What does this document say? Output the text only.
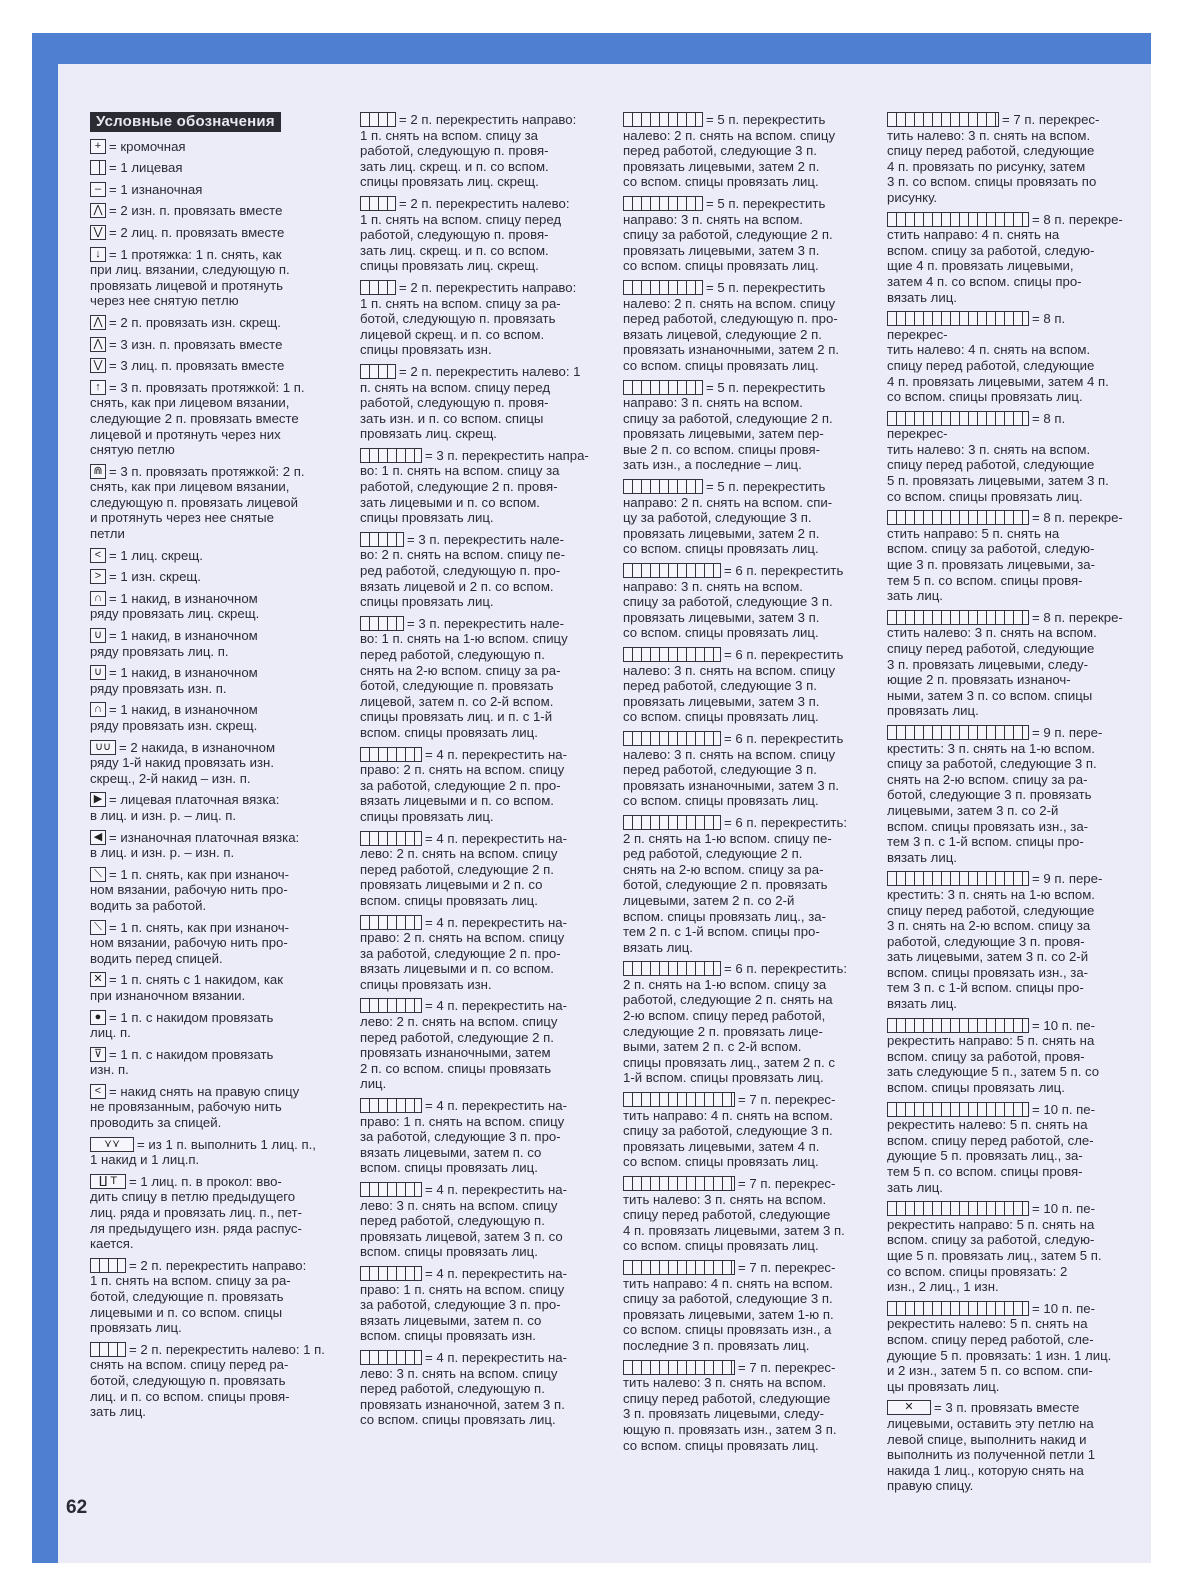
Условные обозначения
+ = кромочная
= 1 лицевая
– = 1 изнаночная
⋀ = 2 изн. п. провязать вместе
⋁ = 2 лиц. п. провязать вместе
↓ = 1 протяжка: 1 п. снять, как
при лиц. вязании, следующую п.
провязать лицевой и протянуть
через нее снятую петлю
⋀ = 2 п. провязать изн. скрещ.
⋀ = 3 изн. п. провязать вместе
⋁ = 3 лиц. п. провязать вместе
↑ = 3 п. провязать протяжкой: 1 п.
снять, как при лицевом вязании,
следующие 2 п. провязать вместе
лицевой и протянуть через них
снятую петлю
⋒ = 3 п. провязать протяжкой: 2 п.
снять, как при лицевом вязании,
следующую п. провязать лицевой
и протянуть через нее снятые
петли
< = 1 лиц. скрещ.
> = 1 изн. скрещ.
∩ = 1 накид, в изнаночном
ряду провязать лиц. скрещ.
∪ = 1 накид, в изнаночном
ряду провязать лиц. п.
∪ = 1 накид, в изнаночном
ряду провязать изн. п.
∩ = 1 накид, в изнаночном
ряду провязать изн. скрещ.
∪∪ = 2 накида, в изнаночном
ряду 1-й накид провязать изн.
скрещ., 2-й накид – изн. п.
▶ = лицевая платочная вязка:
в лиц. и изн. р. – лиц. п.
◀ = изнаночная платочная вязка:
в лиц. и изн. р. – изн. п.
⟍ = 1 п. снять, как при изнаноч-
ном вязании, рабочую нить про-
водить за работой.
⟍ = 1 п. снять, как при изнаноч-
ном вязании, рабочую нить про-
водить перед спицей.
✕ = 1 п. снять с 1 накидом, как
при изнаночном вязании.
● = 1 п. с накидом провязать
лиц. п.
⊽ = 1 п. с накидом провязать
изн. п.
< = накид снять на правую спицу
не провязанным, рабочую нить
проводить за спицей.
⋎⋎ = из 1 п. выполнить 1 лиц. п.,
1 накид и 1 лиц.п.
∐ Т = 1 лиц. п. в прокол: вво-
дить спицу в петлю предыдущего
лиц. ряда и провязать лиц. п., пет-
ля предыдущего изн. ряда распус-
кается.
= 2 п. перекрестить направо:
1 п. снять на вспом. спицу за ра-
ботой, следующие п. провязать
лицевыми и п. со вспом. спицы
провязать лиц.
= 2 п. перекрестить налево: 1 п.
снять на вспом. спицу перед ра-
ботой, следующую п. провязать
лиц. и п. со вспом. спицы провя-
зать лиц.
= 2 п. перекрестить направо:
1 п. снять на вспом. спицу за
работой, следующую п. провя-
зать лиц. скрещ. и п. со вспом.
спицы провязать лиц. скрещ.
= 2 п. перекрестить налево:
1 п. снять на вспом. спицу перед
работой, следующую п. провя-
зать лиц. скрещ. и п. со вспом.
спицы провязать лиц. скрещ.
= 2 п. перекрестить направо:
1 п. снять на вспом. спицу за ра-
ботой, следующую п. провязать
лицевой скрещ. и п. со вспом.
спицы провязать изн.
= 2 п. перекрестить налево: 1
п. снять на вспом. спицу перед
работой, следующую п. провя-
зать изн. и п. со вспом. спицы
провязать лиц. скрещ.
= 3 п. перекрестить напра-
во: 1 п. снять на вспом. спицу за
работой, следующие 2 п. провя-
зать лицевыми и п. со вспом.
спицы провязать лиц.
= 3 п. перекрестить нале-
во: 2 п. снять на вспом. спицу пе-
ред работой, следующую п. про-
вязать лицевой и 2 п. со вспом.
спицы провязать лиц.
= 3 п. перекрестить нале-
во: 1 п. снять на 1-ю вспом. спицу
перед работой, следующую п.
снять на 2-ю вспом. спицу за ра-
ботой, следующие п. провязать
лицевой, затем п. со 2-й вспом.
спицы провязать лиц. и п. с 1-й
вспом. спицы провязать лиц.
= 4 п. перекрестить на-
право: 2 п. снять на вспом. спицу
за работой, следующие 2 п. про-
вязать лицевыми и п. со вспом.
спицы провязать лиц.
= 4 п. перекрестить на-
лево: 2 п. снять на вспом. спицу
перед работой, следующие 2 п.
провязать лицевыми и 2 п. со
вспом. спицы провязать лиц.
= 4 п. перекрестить на-
право: 2 п. снять на вспом. спицу
за работой, следующие 2 п. про-
вязать лицевыми и п. со вспом.
спицы провязать изн.
= 4 п. перекрестить на-
лево: 2 п. снять на вспом. спицу
перед работой, следующие 2 п.
провязать изнаночными, затем
2 п. со вспом. спицы провязать
лиц.
= 4 п. перекрестить на-
право: 1 п. снять на вспом. спицу
за работой, следующие 3 п. про-
вязать лицевыми, затем п. со
вспом. спицы провязать лиц.
= 4 п. перекрестить на-
лево: 3 п. снять на вспом. спицу
перед работой, следующую п.
провязать лицевой, затем 3 п. со
вспом. спицы провязать лиц.
= 4 п. перекрестить на-
право: 1 п. снять на вспом. спицу
за работой, следующие 3 п. про-
вязать лицевыми, затем п. со
вспом. спицы провязать изн.
= 4 п. перекрестить на-
лево: 3 п. снять на вспом. спицу
перед работой, следующую п.
провязать изнаночной, затем 3 п.
со вспом. спицы провязать лиц.
= 5 п. перекрестить
налево: 2 п. снять на вспом. спицу
перед работой, следующие 3 п.
провязать лицевыми, затем 2 п.
со вспом. спицы провязать лиц.
= 5 п. перекрестить
направо: 3 п. снять на вспом.
спицу за работой, следующие 2 п.
провязать лицевыми, затем 3 п.
со вспом. спицы провязать лиц.
= 5 п. перекрестить
налево: 2 п. снять на вспом. спицу
перед работой, следующую п. про-
вязать лицевой, следующие 2 п.
провязать изнаночными, затем 2 п.
со вспом. спицы провязать лиц.
= 5 п. перекрестить
направо: 3 п. снять на вспом.
спицу за работой, следующие 2 п.
провязать лицевыми, затем пер-
вые 2 п. со вспом. спицы провя-
зать изн., а последние – лиц.
= 5 п. перекрестить
направо: 2 п. снять на вспом. спи-
цу за работой, следующие 3 п.
провязать лицевыми, затем 2 п.
со вспом. спицы провязать лиц.
= 6 п. перекрестить
направо: 3 п. снять на вспом.
спицу за работой, следующие 3 п.
провязать лицевыми, затем 3 п.
со вспом. спицы провязать лиц.
= 6 п. перекрестить
налево: 3 п. снять на вспом. спицу
перед работой, следующие 3 п.
провязать лицевыми, затем 3 п.
со вспом. спицы провязать лиц.
= 6 п. перекрестить
налево: 3 п. снять на вспом. спицу
перед работой, следующие 3 п.
провязать изнаночными, затем 3 п.
со вспом. спицы провязать лиц.
= 6 п. перекрестить:
2 п. снять на 1-ю вспом. спицу пе-
ред работой, следующие 2 п.
снять на 2-ю вспом. спицу за ра-
ботой, следующие 2 п. провязать
лицевыми, затем 2 п. со 2-й
вспом. спицы провязать лиц., за-
тем 2 п. с 1-й вспом. спицы про-
вязать лиц.
= 6 п. перекрестить:
2 п. снять на 1-ю вспом. спицу за
работой, следующие 2 п. снять на
2-ю вспом. спицу перед работой,
следующие 2 п. провязать лице-
выми, затем 2 п. с 2-й вспом.
спицы провязать лиц., затем 2 п. с
1-й вспом. спицы провязать лиц.
= 7 п. перекрес-
тить направо: 4 п. снять на вспом.
спицу за работой, следующие 3 п.
провязать лицевыми, затем 4 п.
со вспом. спицы провязать лиц.
= 7 п. перекрес-
тить налево: 3 п. снять на вспом.
спицу перед работой, следующие
4 п. провязать лицевыми, затем 3 п.
со вспом. спицы провязать лиц.
= 7 п. перекрес-
тить направо: 4 п. снять на вспом.
спицу за работой, следующие 3 п.
провязать лицевыми, затем 1-ю п.
со вспом. спицы провязать изн., а
последние 3 п. провязать лиц.
= 7 п. перекрес-
тить налево: 3 п. снять на вспом.
спицу перед работой, следующие
3 п. провязать лицевыми, следу-
ющую п. провязать изн., затем 3 п.
со вспом. спицы провязать лиц.
= 7 п. перекрес-
тить налево: 3 п. снять на вспом.
спицу перед работой, следующие
4 п. провязать по рисунку, затем
3 п. со вспом. спицы провязать по
рисунку.
= 8 п. перекре-
стить направо: 4 п. снять на
вспом. спицу за работой, следую-
щие 4 п. провязать лицевыми,
затем 4 п. со вспом. спицы про-
вязать лиц.
= 8 п. перекрес-
тить налево: 4 п. снять на вспом.
спицу перед работой, следующие
4 п. провязать лицевыми, затем 4 п.
со вспом. спицы провязать лиц.
= 8 п. перекрес-
тить налево: 3 п. снять на вспом.
спицу перед работой, следующие
5 п. провязать лицевыми, затем 3 п.
со вспом. спицы провязать лиц.
= 8 п. перекре-
стить направо: 5 п. снять на
вспом. спицу за работой, следую-
щие 3 п. провязать лицевыми, за-
тем 5 п. со вспом. спицы провя-
зать лиц.
= 8 п. перекре-
стить налево: 3 п. снять на вспом.
спицу перед работой, следующие
3 п. провязать лицевыми, следу-
ющие 2 п. провязать изнаноч-
ными, затем 3 п. со вспом. спицы
провязать лиц.
= 9 п. пере-
крестить: 3 п. снять на 1-ю вспом.
спицу за работой, следующие 3 п.
снять на 2-ю вспом. спицу за ра-
ботой, следующие 3 п. провязать
лицевыми, затем 3 п. со 2-й
вспом. спицы провязать изн., за-
тем 3 п. с 1-й вспом. спицы про-
вязать лиц.
= 9 п. пере-
крестить: 3 п. снять на 1-ю вспом.
спицу перед работой, следующие
3 п. снять на 2-ю вспом. спицу за
работой, следующие 3 п. провя-
зать лицевыми, затем 3 п. со 2-й
вспом. спицы провязать изн., за-
тем 3 п. с 1-й вспом. спицы про-
вязать лиц.
= 10 п. пе-
рекрестить направо: 5 п. снять на
вспом. спицу за работой, провя-
зать следующие 5 п., затем 5 п. со
вспом. спицы провязать лиц.
= 10 п. пе-
рекрестить налево: 5 п. снять на
вспом. спицу перед работой, сле-
дующие 5 п. провязать лиц., за-
тем 5 п. со вспом. спицы провя-
зать лиц.
= 10 п. пе-
рекрестить направо: 5 п. снять на
вспом. спицу за работой, следую-
щие 5 п. провязать лиц., затем 5 п.
со вспом. спицы провязать: 2
изн., 2 лиц., 1 изн.
= 10 п. пе-
рекрестить налево: 5 п. снять на
вспом. спицу перед работой, сле-
дующие 5 п. провязать: 1 изн. 1 лиц.
и 2 изн., затем 5 п. со вспом. спи-
цы провязать лиц.
✕ = 3 п. провязать вместе
лицевыми, оставить эту петлю на
левой спице, выполнить накид и
выполнить из полученной петли 1
накида 1 лиц., которую снять на
правую спицу.
62
